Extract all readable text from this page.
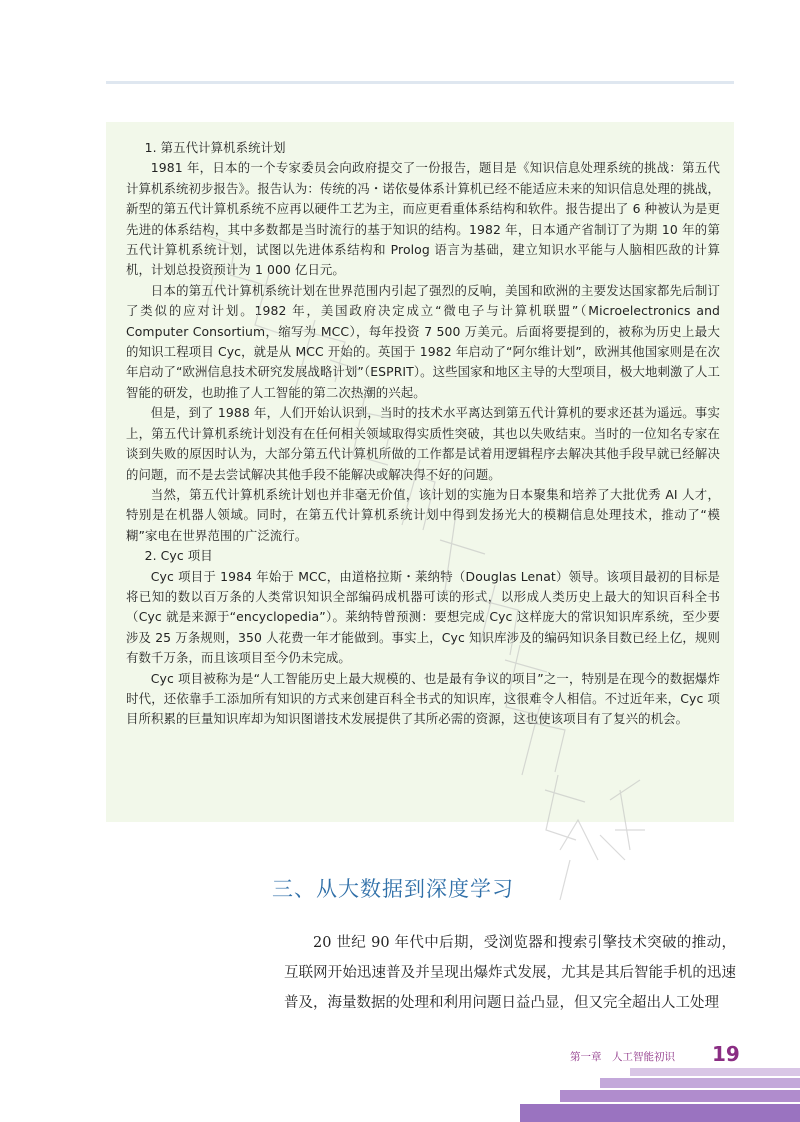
1. 第五代计算机系统计划

1981 年，日本的一个专家委员会向政府提交了一份报告，题目是《知识信息处理系统的挑战：第五代计算机系统初步报告》。报告认为：传统的冯・诺依曼体系计算机已经不能适应未来的知识信息处理的挑战，新型的第五代计算机系统不应再以硬件工艺为主，而应更看重体系结构和软件。报告提出了 6 种被认为是更先进的体系结构，其中多数都是当时流行的基于知识的结构。1982 年，日本通产省制订了为期 10 年的第五代计算机系统计划，试图以先进体系结构和 Prolog 语言为基础，建立知识水平能与人脑相匹敌的计算机，计划总投资预计为 1 000 亿日元。

日本的第五代计算机系统计划在世界范围内引起了强烈的反响，美国和欧洲的主要发达国家都先后制订了类似的应对计划。1982 年，美国政府决定成立“微电子与计算机联盟”（Microelectronics and Computer Consortium，缩写为 MCC），每年投资 7 500 万美元。后面将要提到的，被称为历史上最大的知识工程项目 Cyc，就是从 MCC 开始的。英国于 1982 年启动了“阿尔维计划”，欧洲其他国家则是在次年启动了“欧洲信息技术研究发展战略计划”（ESPRIT）。这些国家和地区主导的大型项目，极大地刺激了人工智能的研发，也助推了人工智能的第二次热潮的兴起。

但是，到了 1988 年，人们开始认识到，当时的技术水平离达到第五代计算机的要求还甚为遥远。事实上，第五代计算机系统计划没有在任何相关领域取得实质性突破，其也以失败结束。当时的一位知名专家在谈到失败的原因时认为，大部分第五代计算机所做的工作都是试着用逻辑程序去解决其他手段早就已经解决的问题，而不是去尝试解决其他手段不能解决或解决得不好的问题。

当然，第五代计算机系统计划也并非毫无价值，该计划的实施为日本聚集和培养了大批优秀 AI 人才，特别是在机器人领域。同时，在第五代计算机系统计划中得到发扬光大的模糊信息处理技术，推动了“模糊”家电在世界范围的广泛流行。

2. Cyc 项目

Cyc 项目于 1984 年始于 MCC，由道格拉斯・莱纳特（Douglas Lenat）领导。该项目最初的目标是将已知的数以百万条的人类常识知识全部编码成机器可读的形式，以形成人类历史上最大的知识百科全书（Cyc 就是来源于“encyclopedia”）。莱纳特曾预测：要想完成 Cyc 这样庞大的常识知识库系统，至少要涉及 25 万条规则，350 人花费一年才能做到。事实上，Cyc 知识库涉及的编码知识条目数已经上亿，规则有数千万条，而且该项目至今仍未完成。

Cyc 项目被称为是“人工智能历史上最大规模的、也是最有争议的项目”之一，特别是在现今的数据爆炸时代，还依靠手工添加所有知识的方式来创建百科全书式的知识库，这很难令人相信。不过近年来，Cyc 项目所积累的巨量知识库却为知识图谱技术发展提供了其所必需的资源，这也使该项目有了复兴的机会。

三、从大数据到深度学习

20 世纪 90 年代中后期，受浏览器和搜索引擎技术突破的推动，互联网开始迅速普及并呈现出爆炸式发展，尤其是其后智能手机的迅速普及，海量数据的处理和利用问题日益凸显，但又完全超出人工处理

第一章　人工智能初识 19
